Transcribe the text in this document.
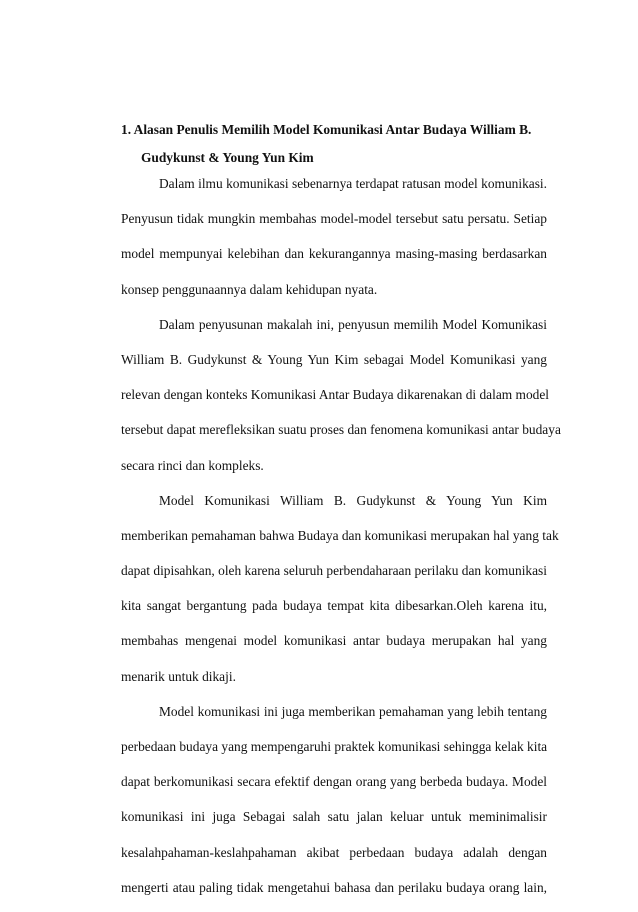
1. Alasan Penulis Memilih Model Komunikasi Antar Budaya William B.
Gudykunst & Young Yun Kim
Dalam ilmu komunikasi sebenarnya terdapat ratusan model komunikasi.
Penyusun tidak mungkin membahas model-model tersebut satu persatu. Setiap
model mempunyai kelebihan dan kekurangannya masing-masing berdasarkan
konsep penggunaannya dalam kehidupan nyata.
Dalam penyusunan makalah ini, penyusun memilih Model Komunikasi
William B. Gudykunst & Young Yun Kim sebagai Model Komunikasi yang
relevan dengan konteks Komunikasi Antar Budaya dikarenakan di dalam model
tersebut dapat merefleksikan suatu proses dan fenomena komunikasi antar budaya
secara rinci dan kompleks.
Model Komunikasi William B. Gudykunst & Young Yun Kim
memberikan pemahaman bahwa Budaya dan komunikasi merupakan hal yang tak
dapat dipisahkan, oleh karena seluruh perbendaharaan perilaku dan komunikasi
kita sangat bergantung pada budaya tempat kita dibesarkan.Oleh karena itu,
membahas mengenai model komunikasi antar budaya merupakan hal yang
menarik untuk dikaji.
Model komunikasi ini juga memberikan pemahaman yang lebih tentang
perbedaan budaya yang mempengaruhi praktek komunikasi sehingga kelak kita
dapat berkomunikasi secara efektif dengan orang yang berbeda budaya. Model
komunikasi ini juga Sebagai salah satu jalan keluar untuk meminimalisir
kesalahpahaman-keslahpahaman akibat perbedaan budaya adalah dengan
mengerti atau paling tidak mengetahui bahasa dan perilaku budaya orang lain,
